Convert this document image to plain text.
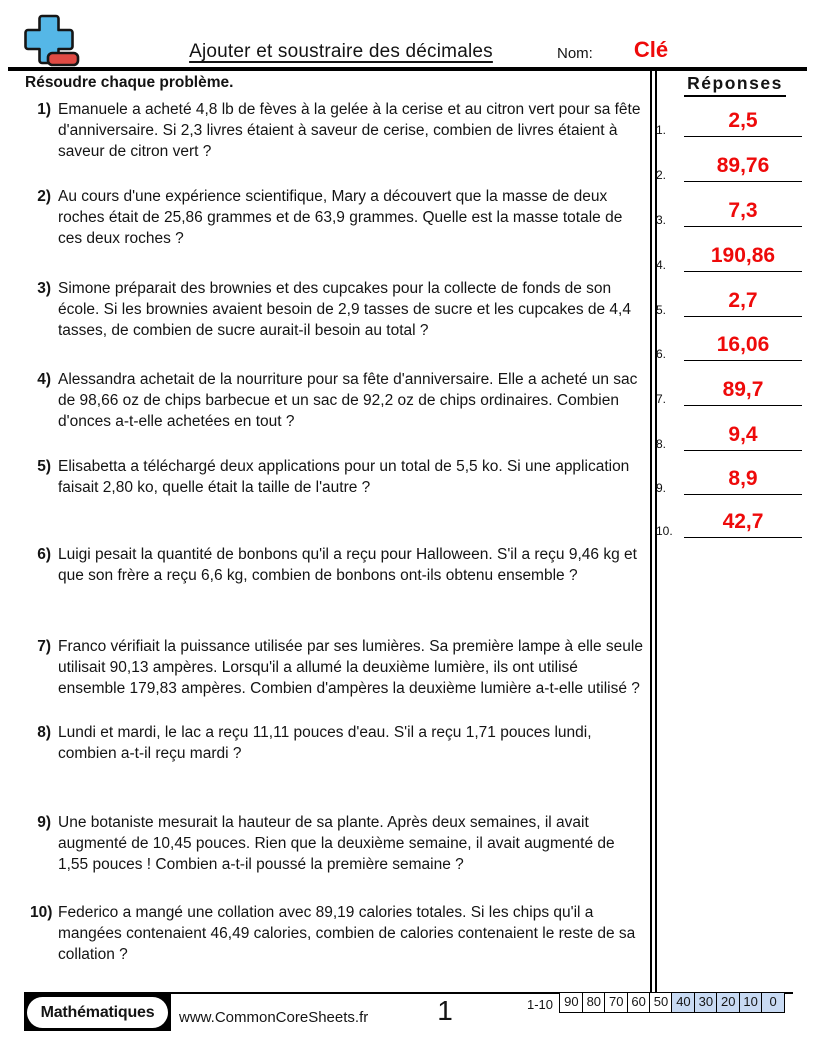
Ajouter et soustraire des décimales	Nom:	Clé
Résoudre chaque problème.	Réponses
1.	2,5
2.	89,76
3.	7,3
4.	190,86
5.	2,7
6.	16,06
7.	89,7
8.	9,4
9.	8,9
10.	42,7
1) Emanuele a acheté 4,8 lb de fèves à la gelée à la cerise et au citron vert pour sa fête d'anniversaire. Si 2,3 livres étaient à saveur de cerise, combien de livres étaient à saveur de citron vert ?
2) Au cours d'une expérience scientifique, Mary a découvert que la masse de deux roches était de 25,86 grammes et de 63,9 grammes. Quelle est la masse totale de ces deux roches ?
3) Simone préparait des brownies et des cupcakes pour la collecte de fonds de son école. Si les brownies avaient besoin de 2,9 tasses de sucre et les cupcakes de 4,4 tasses, de combien de sucre aurait-il besoin au total ?
4) Alessandra achetait de la nourriture pour sa fête d'anniversaire. Elle a acheté un sac de 98,66 oz de chips barbecue et un sac de 92,2 oz de chips ordinaires. Combien d'onces a-t-elle achetées en tout ?
5) Elisabetta a téléchargé deux applications pour un total de 5,5 ko. Si une application faisait 2,80 ko, quelle était la taille de l'autre ?
6) Luigi pesait la quantité de bonbons qu'il a reçu pour Halloween. S'il a reçu 9,46 kg et que son frère a reçu 6,6 kg, combien de bonbons ont-ils obtenu ensemble ?
7) Franco vérifiait la puissance utilisée par ses lumières. Sa première lampe à elle seule utilisait 90,13 ampères. Lorsqu'il a allumé la deuxième lumière, ils ont utilisé ensemble 179,83 ampères. Combien d'ampères la deuxième lumière a-t-elle utilisé ?
8) Lundi et mardi, le lac a reçu 11,11 pouces d'eau. S'il a reçu 1,71 pouces lundi, combien a-t-il reçu mardi ?
9) Une botaniste mesurait la hauteur de sa plante. Après deux semaines, il avait augmenté de 10,45 pouces. Rien que la deuxième semaine, il avait augmenté de 1,55 pouces ! Combien a-t-il poussé la première semaine ?
10) Federico a mangé une collation avec 89,19 calories totales. Si les chips qu'il a mangées contenaient 46,49 calories, combien de calories contenaient le reste de sa collation ?
Mathématiques www.CommonCoreSheets.fr	1	1-10 90 80 70 60 50 40 30 20 10 0
